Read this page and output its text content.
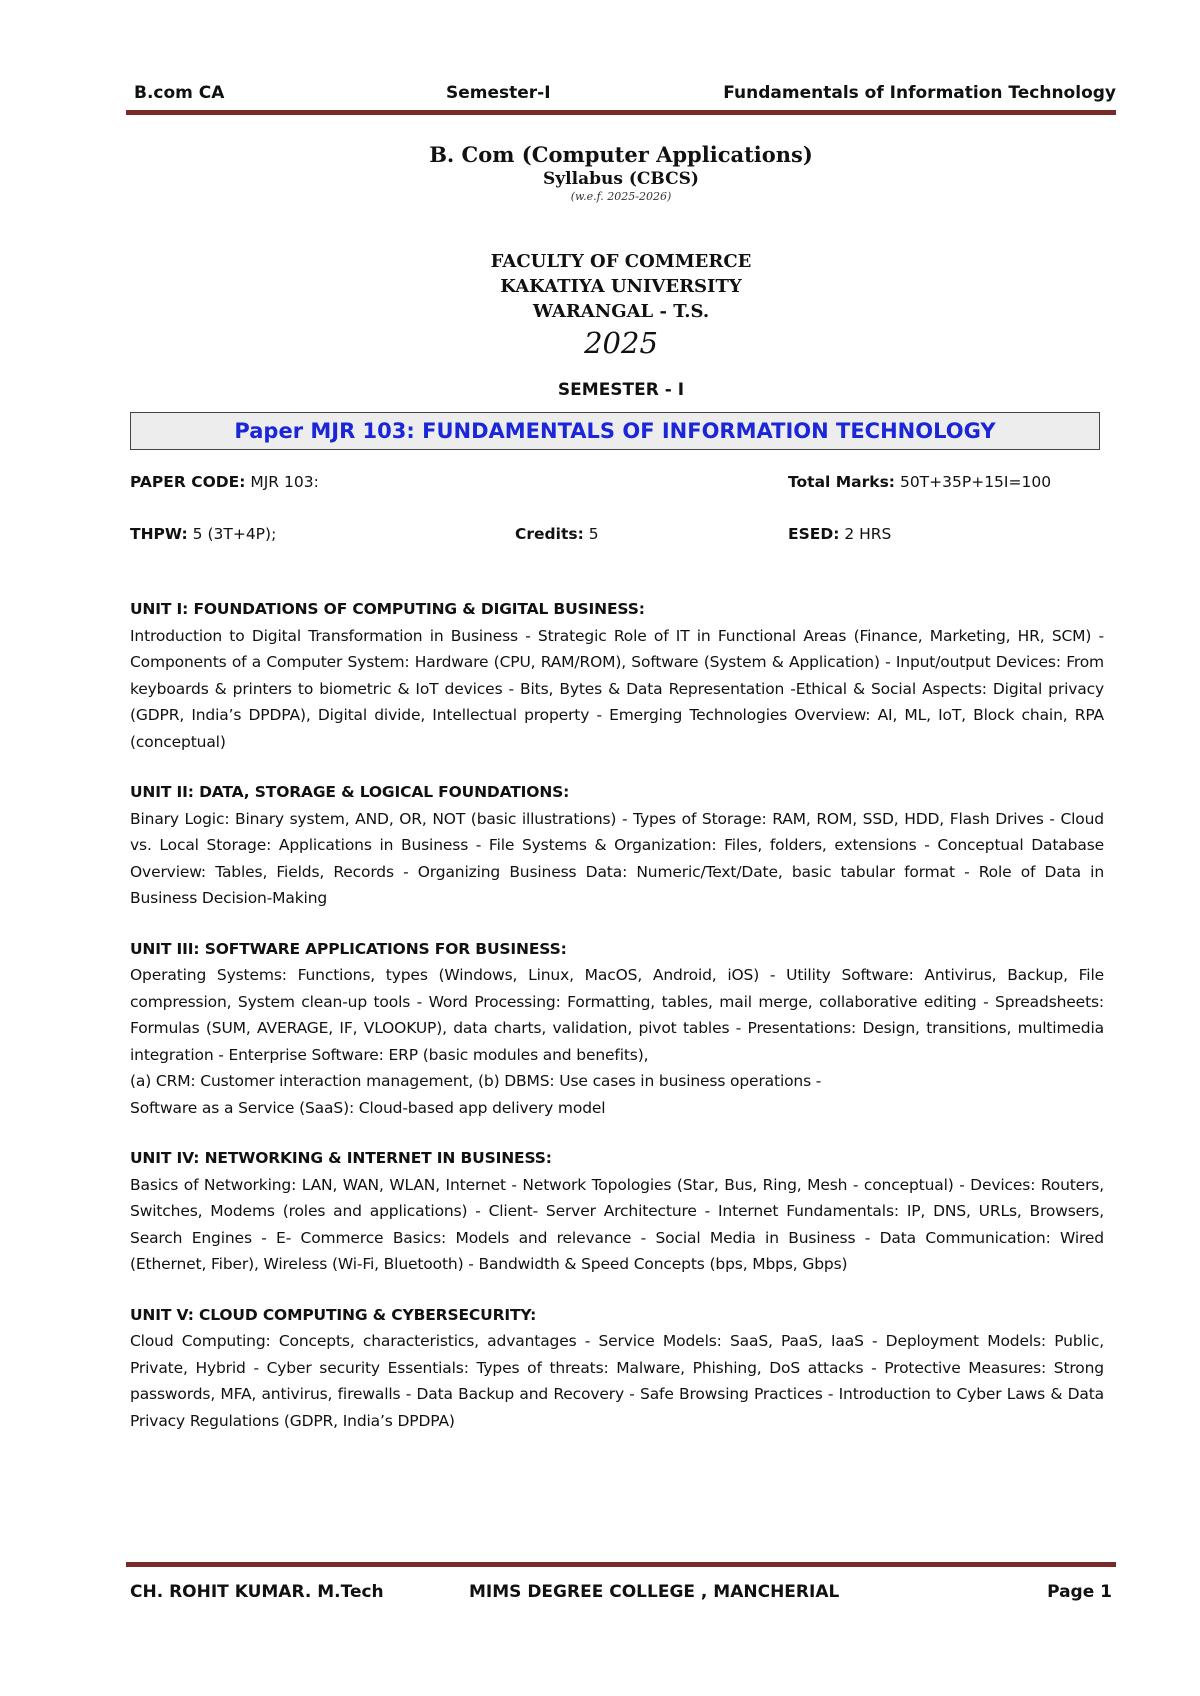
B.com CA	Semester-I	Fundamentals of Information Technology
B. Com (Computer Applications)
Syllabus (CBCS)
(w.e.f. 2025-2026)
FACULTY OF COMMERCE
KAKATIYA UNIVERSITY
WARANGAL - T.S.
2025
SEMESTER - I
Paper MJR 103: FUNDAMENTALS OF INFORMATION TECHNOLOGY
PAPER CODE: MJR 103:	Total Marks: 50T+35P+15I=100
THPW: 5 (3T+4P);	Credits: 5	ESED: 2 HRS
UNIT I: FOUNDATIONS OF COMPUTING & DIGITAL BUSINESS:

Introduction to Digital Transformation in Business - Strategic Role of IT in Functional Areas (Finance, Marketing, HR, SCM) - Components of a Computer System: Hardware (CPU, RAM/ROM), Software (System & Application) - Input/output Devices: From keyboards & printers to biometric & IoT devices - Bits, Bytes & Data Representation -Ethical & Social Aspects: Digital privacy (GDPR, India’s DPDPA), Digital divide, Intellectual property - Emerging Technologies Overview: AI, ML, IoT, Block chain, RPA (conceptual)

UNIT II: DATA, STORAGE & LOGICAL FOUNDATIONS:

Binary Logic: Binary system, AND, OR, NOT (basic illustrations) - Types of Storage: RAM, ROM, SSD, HDD, Flash Drives - Cloud vs. Local Storage: Applications in Business - File Systems & Organization: Files, folders, extensions - Conceptual Database Overview: Tables, Fields, Records - Organizing Business Data: Numeric/Text/Date, basic tabular format - Role of Data in Business Decision-Making

UNIT III: SOFTWARE APPLICATIONS FOR BUSINESS:

Operating Systems: Functions, types (Windows, Linux, MacOS, Android, iOS) - Utility Software: Antivirus, Backup, File compression, System clean-up tools - Word Processing: Formatting, tables, mail merge, collaborative editing - Spreadsheets: Formulas (SUM, AVERAGE, IF, VLOOKUP), data charts, validation, pivot tables - Presentations: Design, transitions, multimedia integration - Enterprise Software: ERP (basic modules and benefits),

(a) CRM: Customer interaction management, (b) DBMS: Use cases in business operations -

Software as a Service (SaaS): Cloud-based app delivery model

UNIT IV: NETWORKING & INTERNET IN BUSINESS:

Basics of Networking: LAN, WAN, WLAN, Internet - Network Topologies (Star, Bus, Ring, Mesh - conceptual) - Devices: Routers, Switches, Modems (roles and applications) - Client- Server Architecture - Internet Fundamentals: IP, DNS, URLs, Browsers, Search Engines - E- Commerce Basics: Models and relevance - Social Media in Business - Data Communication: Wired (Ethernet, Fiber), Wireless (Wi-Fi, Bluetooth) - Bandwidth & Speed Concepts (bps, Mbps, Gbps)

UNIT V: CLOUD COMPUTING & CYBERSECURITY:

Cloud Computing: Concepts, characteristics, advantages - Service Models: SaaS, PaaS, IaaS - Deployment Models: Public, Private, Hybrid - Cyber security Essentials: Types of threats: Malware, Phishing, DoS attacks - Protective Measures: Strong passwords, MFA, antivirus, firewalls - Data Backup and Recovery - Safe Browsing Practices - Introduction to Cyber Laws & Data Privacy Regulations (GDPR, India’s DPDPA)

CH. ROHIT KUMAR. M.Tech	MIMS DEGREE COLLEGE , MANCHERIAL	Page 1
